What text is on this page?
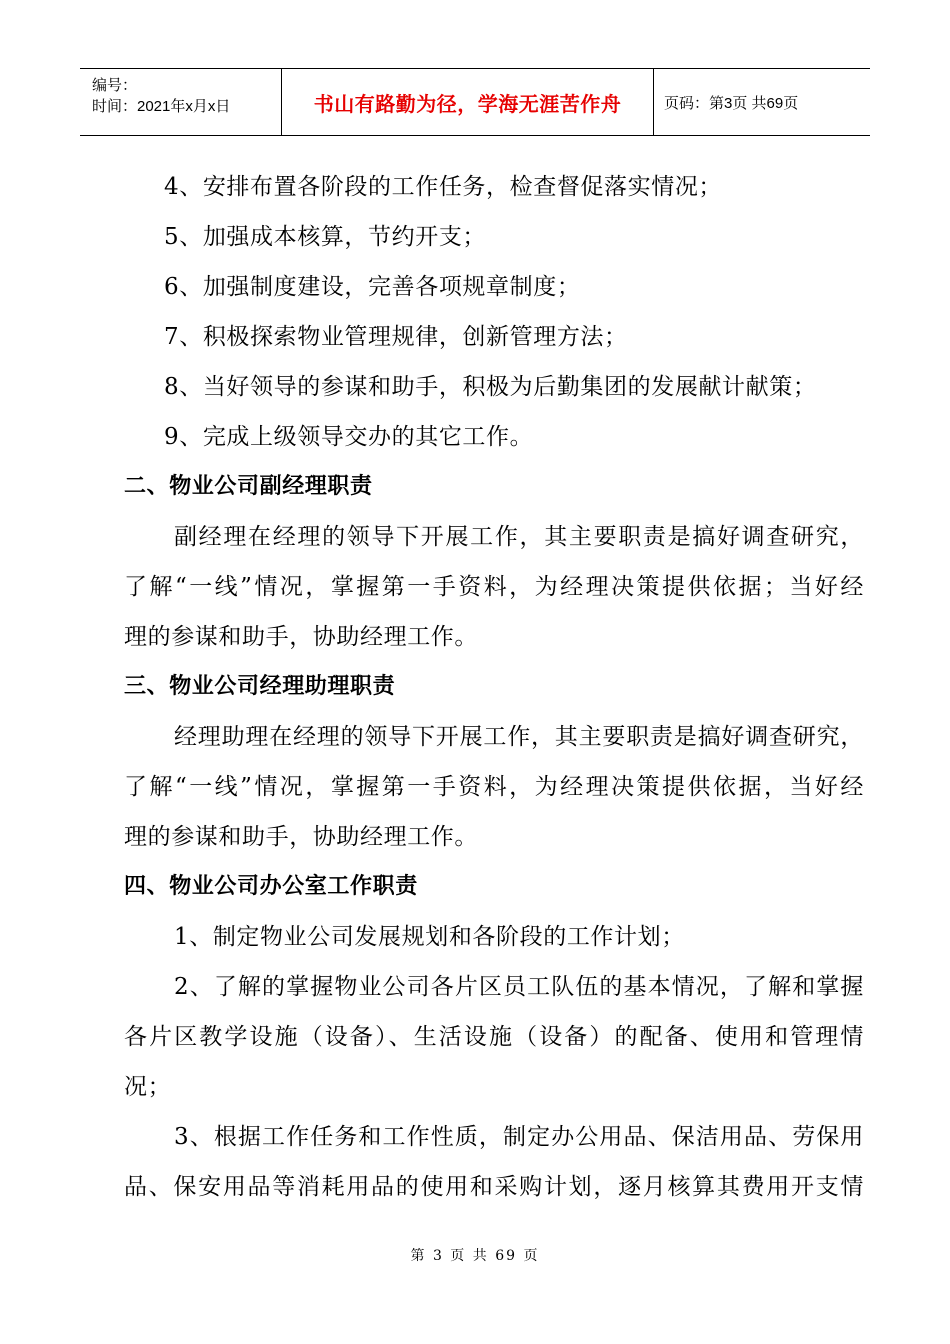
编号：
时间：2021年x月x日	书山有路勤为径，学海无涯苦作舟	页码：第3页 共69页
4、安排布置各阶段的工作任务，检查督促落实情况；
5、加强成本核算，节约开支；
6、加强制度建设，完善各项规章制度；
7、积极探索物业管理规律，创新管理方法；
8、当好领导的参谋和助手，积极为后勤集团的发展献计献策；
9、完成上级领导交办的其它工作。
二、物业公司副经理职责
副经理在经理的领导下开展工作，其主要职责是搞好调查研究，
了解“一线”情况，掌握第一手资料，为经理决策提供依据；当好经
理的参谋和助手，协助经理工作。
三、物业公司经理助理职责
经理助理在经理的领导下开展工作，其主要职责是搞好调查研究，
了解“一线”情况，掌握第一手资料，为经理决策提供依据，当好经
理的参谋和助手，协助经理工作。
四、物业公司办公室工作职责
1、制定物业公司发展规划和各阶段的工作计划；
2、了解的掌握物业公司各片区员工队伍的基本情况，了解和掌握
各片区教学设施（设备）、生活设施（设备）的配备、使用和管理情
况；
3、根据工作任务和工作性质，制定办公用品、保洁用品、劳保用
品、保安用品等消耗用品的使用和采购计划，逐月核算其费用开支情
第 3 页 共 69 页
